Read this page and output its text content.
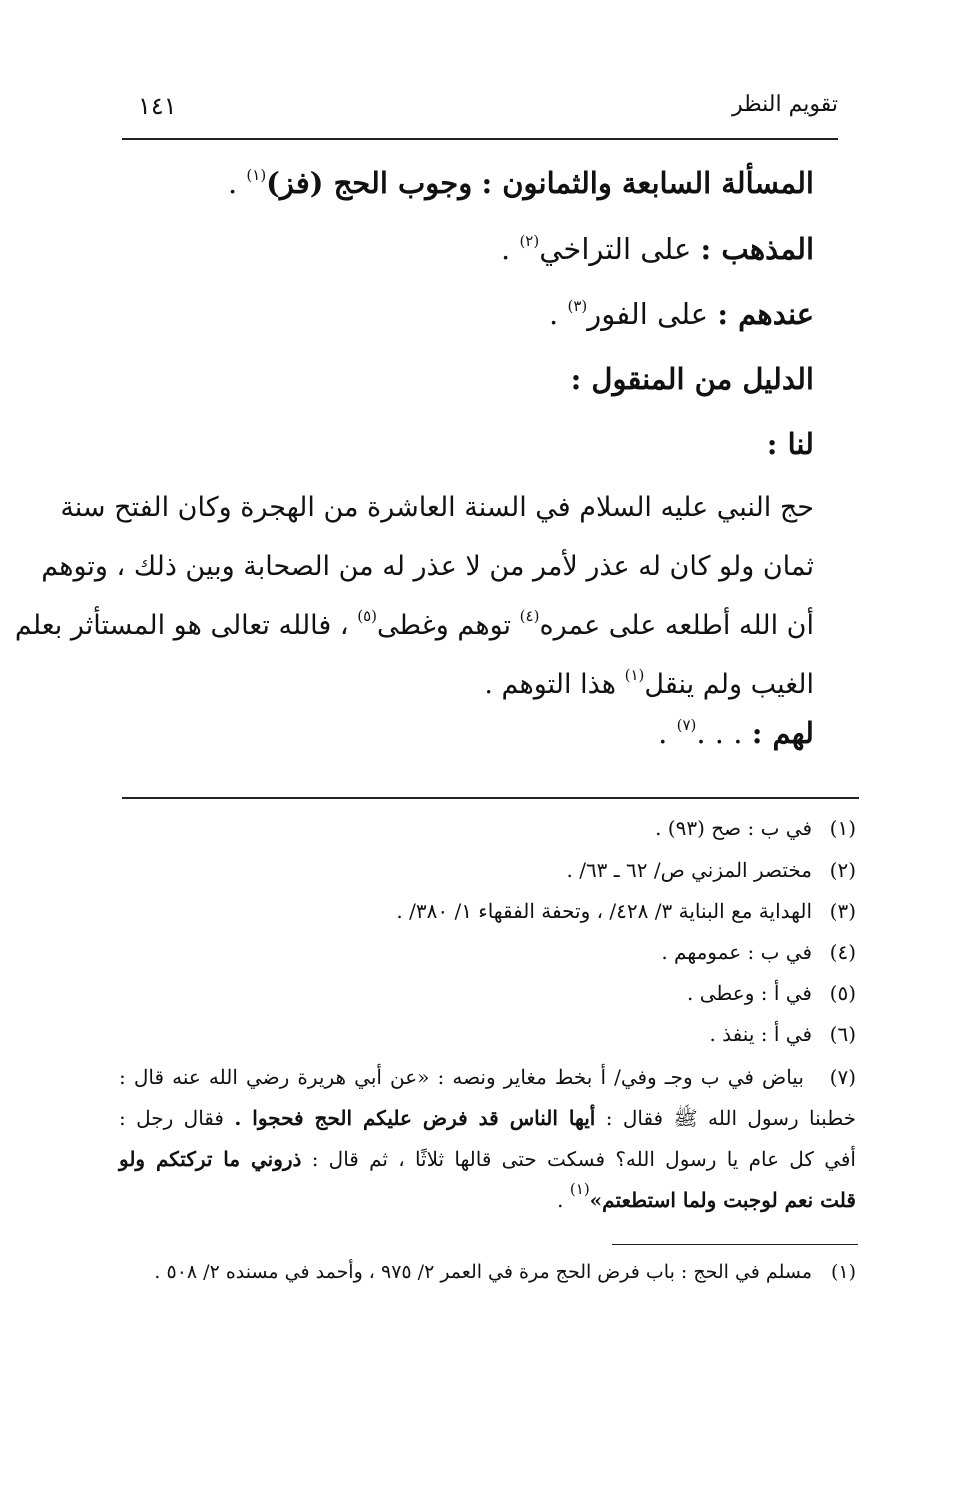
تقويم النظر
١٤١
المسألة السابعة والثمانون : وجوب الحج (فز)$^{(١)}$ .
المذهب : على التراخي$^{(٢)}$ .
عندهم : على الفور$^{(٣)}$ .
الدليل من المنقول :
لنا :
حج النبي عليه السلام في السنة العاشرة من الهجرة وكان الفتح سنة
ثمان ولو كان له عذر لأمر من لا عذر له من الصحابة وبين ذلك ، وتوهم
أن الله أطلعه على عمره$^{(٤)}$ توهم وغطى$^{(٥)}$ ، فالله تعالى هو المستأثر بعلم
الغيب ولم ينقل$^{(١)}$ هذا التوهم .
لهم : . . .$^{(٧)}$ .
(١)في ب : صح (٩٣) .
(٢)مختصر المزني ص/ ٦٢ ـ ٦٣/ .
(٣)الهداية مع البناية ٣/ ٤٢٨/ ، وتحفة الفقهاء ١/ ٣٨٠/ .
(٤)في ب : عمومهم .
(٥)في أ : وعطى .
(٦)في أ : ينفذ .
(٧) بياض في ب وجـ وفي/ أ بخط مغاير ونصه : «عن أبي هريرة رضي الله عنه قال :
خطبنا رسول الله ﷺ فقال : أيها الناس قد فرض عليكم الحج فحجوا . فقال رجل :
أفي كل عام يا رسول الله؟ فسكت حتى قالها ثلاثًا ، ثم قال : ذروني ما تركتكم ولو
قلت نعم لوجبت ولما استطعتم»$^{(١)}$ .
(١)مسلم في الحج : باب فرض الحج مرة في العمر ٢/ ٩٧٥ ، وأحمد في مسنده ٢/ ٥٠٨ .
